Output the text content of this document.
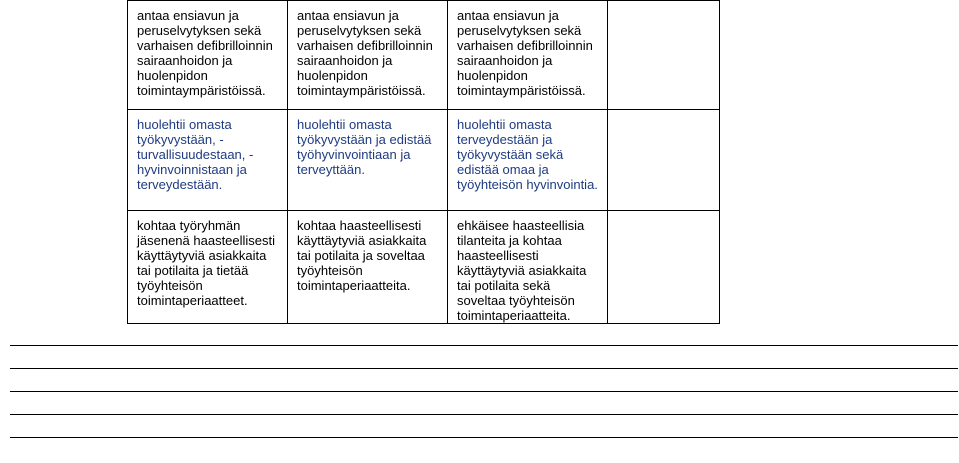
antaa ensiavun ja peruselvytyksen sekä varhaisen defibrilloinnin sairaanhoidon ja huolenpidon toimintaympäristöissä.	antaa ensiavun ja peruselvytyksen sekä varhaisen defibrilloinnin sairaanhoidon ja huolenpidon toimintaympäristöissä.	antaa ensiavun ja peruselvytyksen sekä varhaisen defibrilloinnin sairaanhoidon ja huolenpidon toimintaympäristöissä.	
huolehtii omasta työkyvystään, - turvallisuudestaan, - hyvinvoinnistaan ja terveydestään.	huolehtii omasta työkyvystään ja edistää työhyvinvointiaan ja terveyttään.	huolehtii omasta terveydestään ja työkyvystään sekä edistää omaa ja työyhteisön hyvinvointia.	
kohtaa työryhmän jäsenenä haasteellisesti käyttäytyviä asiakkaita tai potilaita ja tietää työyhteisön toimintaperiaatteet.	kohtaa haasteellisesti käyttäytyviä asiakkaita tai potilaita ja soveltaa työyhteisön toimintaperiaatteita.	ehkäisee haasteellisia tilanteita ja kohtaa haasteellisesti käyttäytyviä asiakkaita tai potilaita sekä soveltaa työyhteisön toimintaperiaatteita.	
